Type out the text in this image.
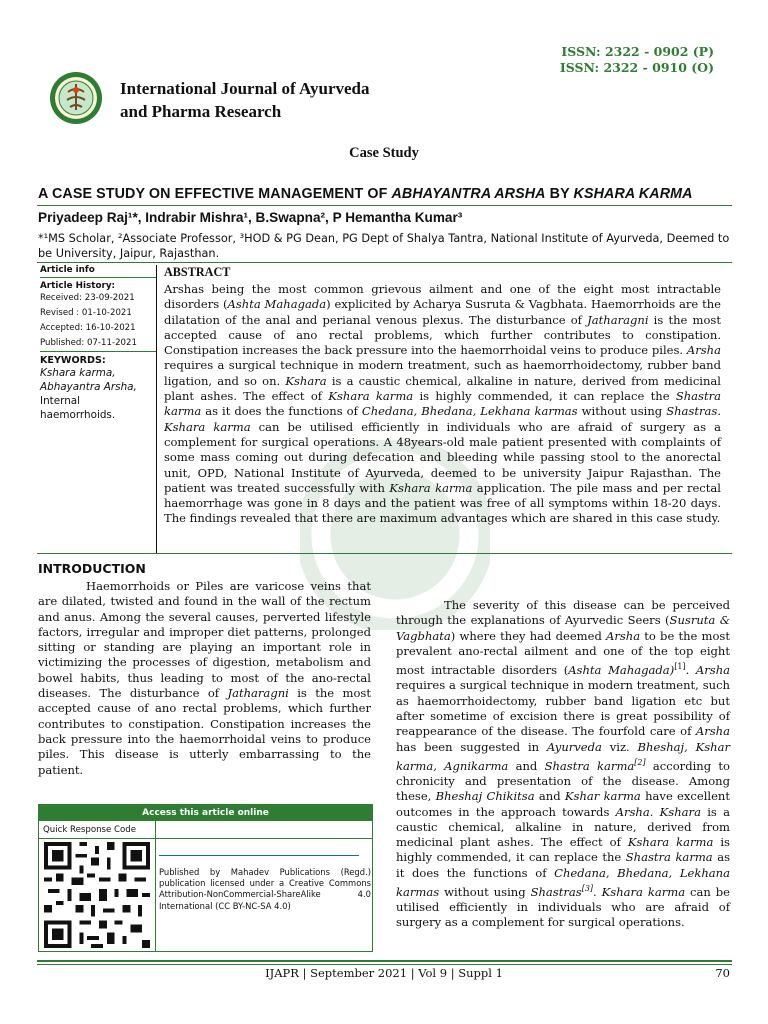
ISSN: 2322 - 0902 (P)
ISSN: 2322 - 0910 (O)
International Journal of Ayurveda
and Pharma Research
Case Study
A CASE STUDY ON EFFECTIVE MANAGEMENT OF ABHAYANTRA ARSHA BY KSHARA KARMA
Priyadeep Raj¹*, Indrabir Mishra¹, B.Swapna², P Hemantha Kumar³
*¹MS Scholar, ²Associate Professor, ³HOD & PG Dean, PG Dept of Shalya Tantra, National Institute of Ayurveda, Deemed to be University, Jaipur, Rajasthan.
Article info
Article History:
Received: 23-09-2021
Revised : 01-10-2021
Accepted: 16-10-2021
Published: 07-11-2021
KEYWORDS:
Kshara karma,
Abhayantra Arsha,
Internal
haemorrhoids.
ABSTRACT
Arshas being the most common grievous ailment and one of the eight most intractable disorders (Ashta Mahagada) explicited by Acharya Susruta & Vagbhata. Haemorrhoids are the dilatation of the anal and perianal venous plexus. The disturbance of Jatharagni is the most accepted cause of ano rectal problems, which further contributes to constipation. Constipation increases the back pressure into the haemorrhoidal veins to produce piles. Arsha requires a surgical technique in modern treatment, such as haemorrhoidectomy, rubber band ligation, and so on. Kshara is a caustic chemical, alkaline in nature, derived from medicinal plant ashes. The effect of Kshara karma is highly commended, it can replace the Shastra karma as it does the functions of Chedana, Bhedana, Lekhana karmas without using Shastras. Kshara karma can be utilised efficiently in individuals who are afraid of surgery as a complement for surgical operations. A 48years-old male patient presented with complaints of some mass coming out during defecation and bleeding while passing stool to the anorectal unit, OPD, National Institute of Ayurveda, deemed to be university Jaipur Rajasthan. The patient was treated successfully with Kshara karma application. The pile mass and per rectal haemorrhage was gone in 8 days and the patient was free of all symptoms within 18-20 days. The findings revealed that there are maximum advantages which are shared in this case study.
INTRODUCTION
Haemorrhoids or Piles are varicose veins that are dilated, twisted and found in the wall of the rectum and anus. Among the several causes, perverted lifestyle factors, irregular and improper diet patterns, prolonged sitting or standing are playing an important role in victimizing the processes of digestion, metabolism and bowel habits, thus leading to most of the ano-rectal diseases. The disturbance of Jatharagni is the most accepted cause of ano rectal problems, which further contributes to constipation. Constipation increases the back pressure into the haemorrhoidal veins to produce piles. This disease is utterly embarrassing to the patient.
The severity of this disease can be perceived through the explanations of Ayurvedic Seers (Susruta & Vagbhata) where they had deemed Arsha to be the most prevalent ano-rectal ailment and one of the top eight most intractable disorders (Ashta Mahagada)[1]. Arsha requires a surgical technique in modern treatment, such as haemorrhoidectomy, rubber band ligation etc but after sometime of excision there is great possibility of reappearance of the disease. The fourfold care of Arsha has been suggested in Ayurveda viz. Bheshaj, Kshar karma, Agnikarma and Shastra karma[2] according to chronicity and presentation of the disease. Among these, Bheshaj Chikitsa and Kshar karma have excellent outcomes in the approach towards Arsha. Kshara is a caustic chemical, alkaline in nature, derived from medicinal plant ashes. The effect of Kshara karma is highly commended, it can replace the Shastra karma as it does the functions of Chedana, Bhedana, Lekhana karmas without using Shastras[3]. Kshara karma can be utilised efficiently in individuals who are afraid of surgery as a complement for surgical operations.
Access this article online
Quick Response Code
Published by Mahadev Publications (Regd.) publication licensed under a Creative Commons Attribution-NonCommercial-ShareAlike 4.0 International (CC BY-NC-SA 4.0)
IJAPR | September 2021 | Vol 9 | Suppl 1	70
